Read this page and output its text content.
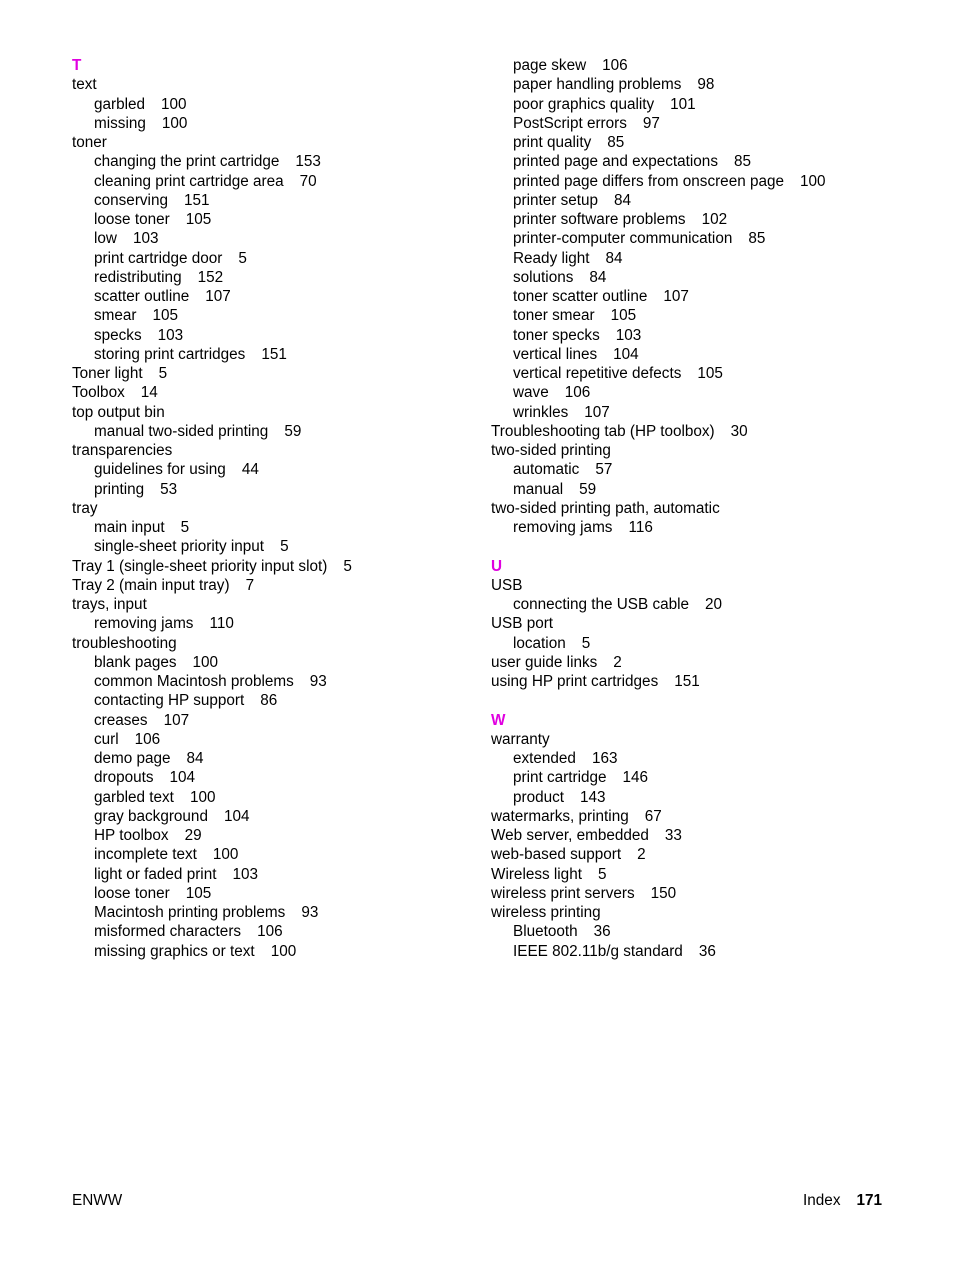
T
text
garbled 100
missing 100
toner
changing the print cartridge 153
cleaning print cartridge area 70
conserving 151
loose toner 105
low 103
print cartridge door 5
redistributing 152
scatter outline 107
smear 105
specks 103
storing print cartridges 151
Toner light 5
Toolbox 14
top output bin
manual two-sided printing 59
transparencies
guidelines for using 44
printing 53
tray
main input 5
single-sheet priority input 5
Tray 1 (single-sheet priority input slot) 5
Tray 2 (main input tray) 7
trays, input
removing jams 110
troubleshooting
blank pages 100
common Macintosh problems 93
contacting HP support 86
creases 107
curl 106
demo page 84
dropouts 104
garbled text 100
gray background 104
HP toolbox 29
incomplete text 100
light or faded print 103
loose toner 105
Macintosh printing problems 93
misformed characters 106
missing graphics or text 100
page skew 106
paper handling problems 98
poor graphics quality 101
PostScript errors 97
print quality 85
printed page and expectations 85
printed page differs from onscreen page 100
printer setup 84
printer software problems 102
printer-computer communication 85
Ready light 84
solutions 84
toner scatter outline 107
toner smear 105
toner specks 103
vertical lines 104
vertical repetitive defects 105
wave 106
wrinkles 107
Troubleshooting tab (HP toolbox) 30
two-sided printing
automatic 57
manual 59
two-sided printing path, automatic
removing jams 116
U
USB
connecting the USB cable 20
USB port
location 5
user guide links 2
using HP print cartridges 151
W
warranty
extended 163
print cartridge 146
product 143
watermarks, printing 67
Web server, embedded 33
web-based support 2
Wireless light 5
wireless print servers 150
wireless printing
Bluetooth 36
IEEE 802.11b/g standard 36
ENWW	Index 171
